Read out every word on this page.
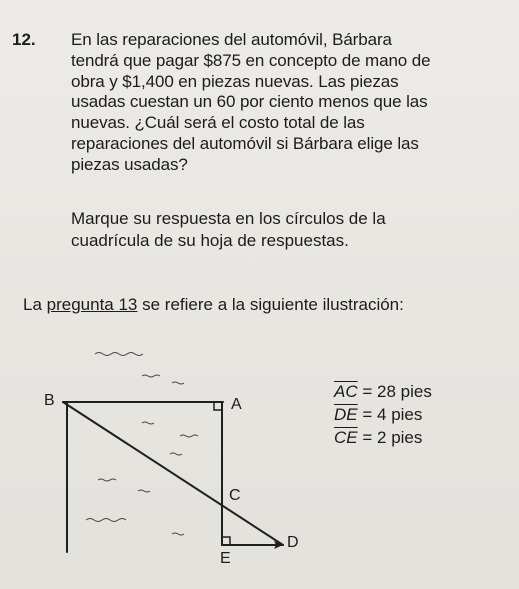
12. En las reparaciones del automóvil, Bárbara
tendrá que pagar $875 en concepto de mano de
obra y $1,400 en piezas nuevas. Las piezas
usadas cuestan un 60 por ciento menos que las
nuevas. ¿Cuál será el costo total de las
reparaciones del automóvil si Bárbara elige las
piezas usadas?
Marque su respuesta en los círculos de la
cuadrícula de su hoja de respuestas.
La pregunta 13 se refiere a la siguiente ilustración:
B	A
C
D
E
$\overline{AC} = 28$ pies
$\overline{DE} = 4$ pies
$\overline{CE} = 2$ pies
